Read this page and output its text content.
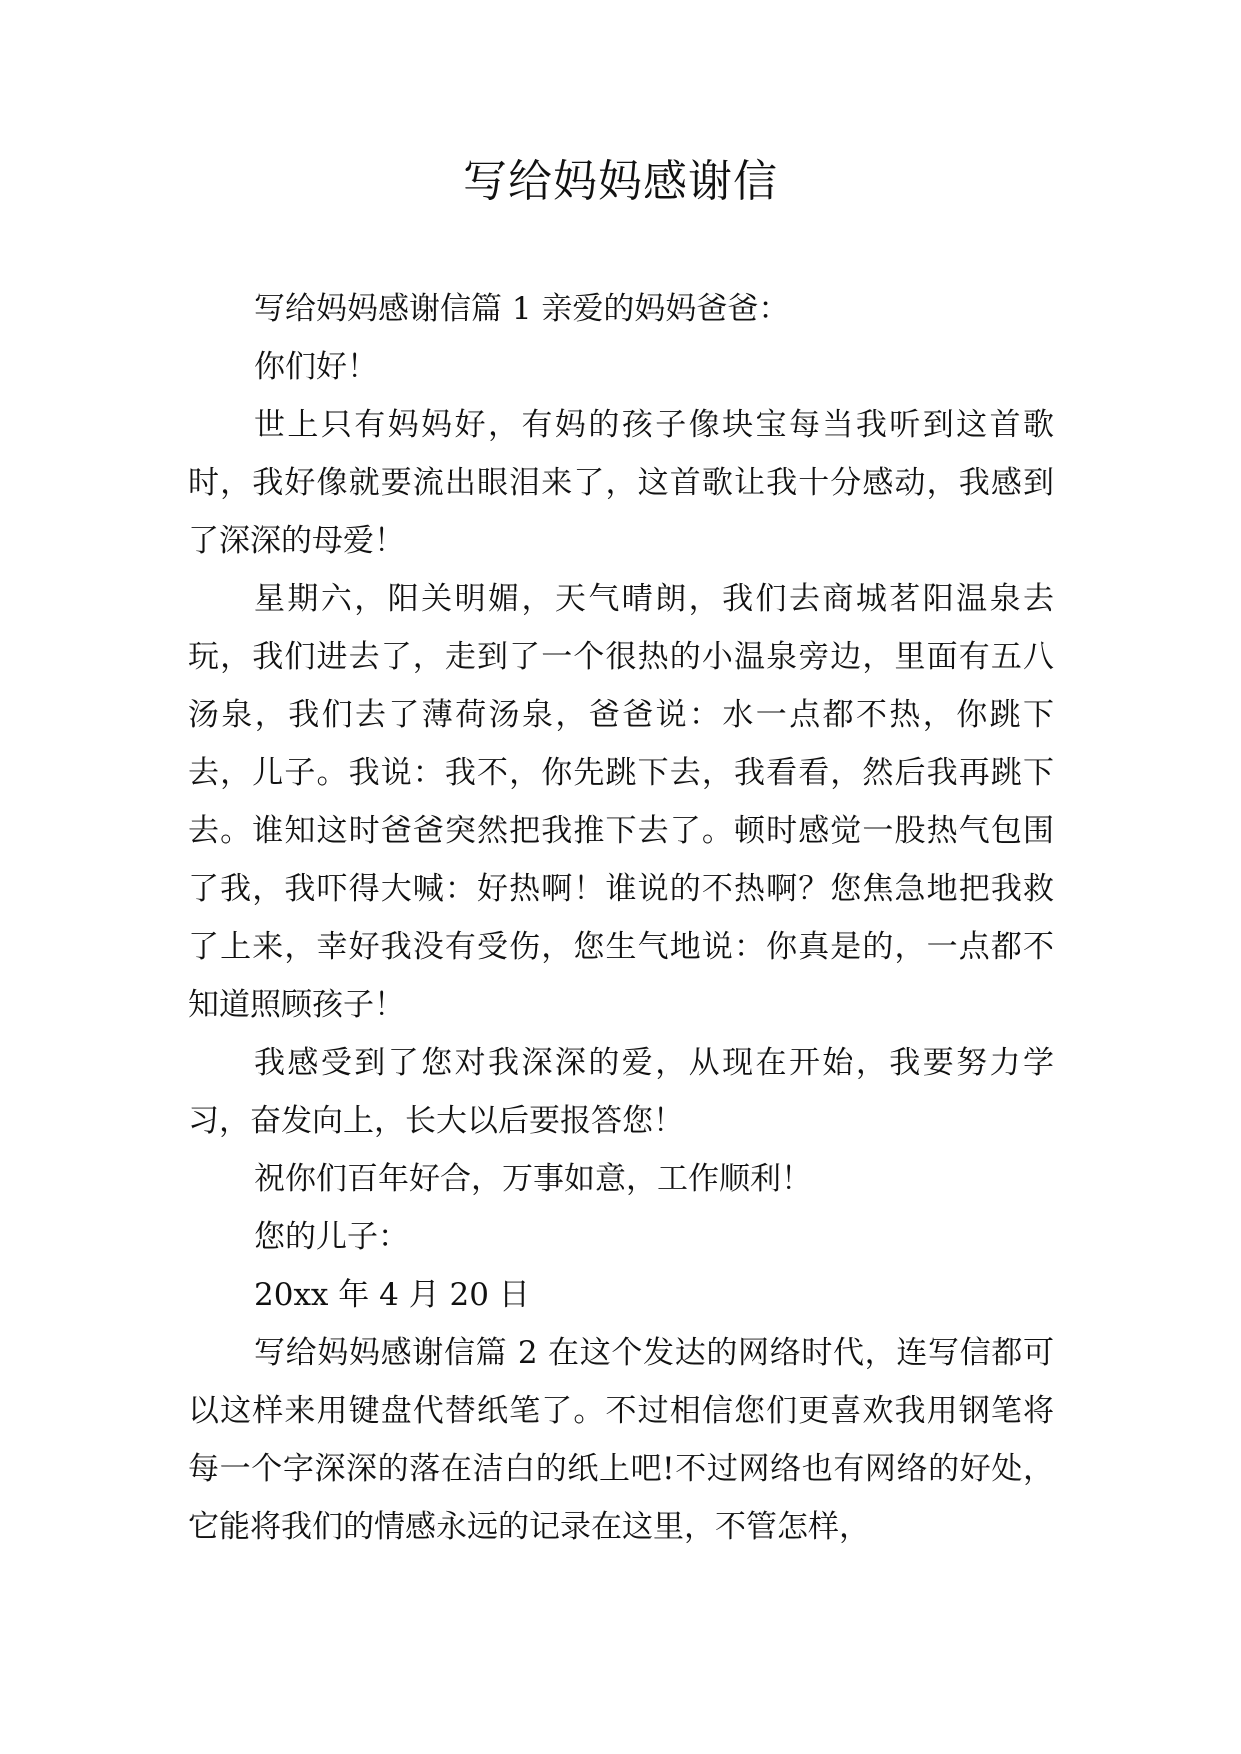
写给妈妈感谢信

写给妈妈感谢信篇 1 亲爱的妈妈爸爸：

你们好！

世上只有妈妈好，有妈的孩子像块宝每当我听到这首歌时，我好像就要流出眼泪来了，这首歌让我十分感动，我感到了深深的母爱！

星期六，阳关明媚，天气晴朗，我们去商城茗阳温泉去玩，我们进去了，走到了一个很热的小温泉旁边，里面有五八汤泉，我们去了薄荷汤泉，爸爸说：水一点都不热，你跳下去，儿子。我说：我不，你先跳下去，我看看，然后我再跳下去。谁知这时爸爸突然把我推下去了。顿时感觉一股热气包围了我，我吓得大喊：好热啊！谁说的不热啊？您焦急地把我救了上来，幸好我没有受伤，您生气地说：你真是的，一点都不知道照顾孩子！

我感受到了您对我深深的爱，从现在开始，我要努力学习，奋发向上，长大以后要报答您！

祝你们百年好合，万事如意，工作顺利！

您的儿子：

20xx 年 4 月 20 日

写给妈妈感谢信篇 2 在这个发达的网络时代，连写信都可以这样来用键盘代替纸笔了。不过相信您们更喜欢我用钢笔将每一个字深深的落在洁白的纸上吧!不过网络也有网络的好处，它能将我们的情感永远的记录在这里，不管怎样，
